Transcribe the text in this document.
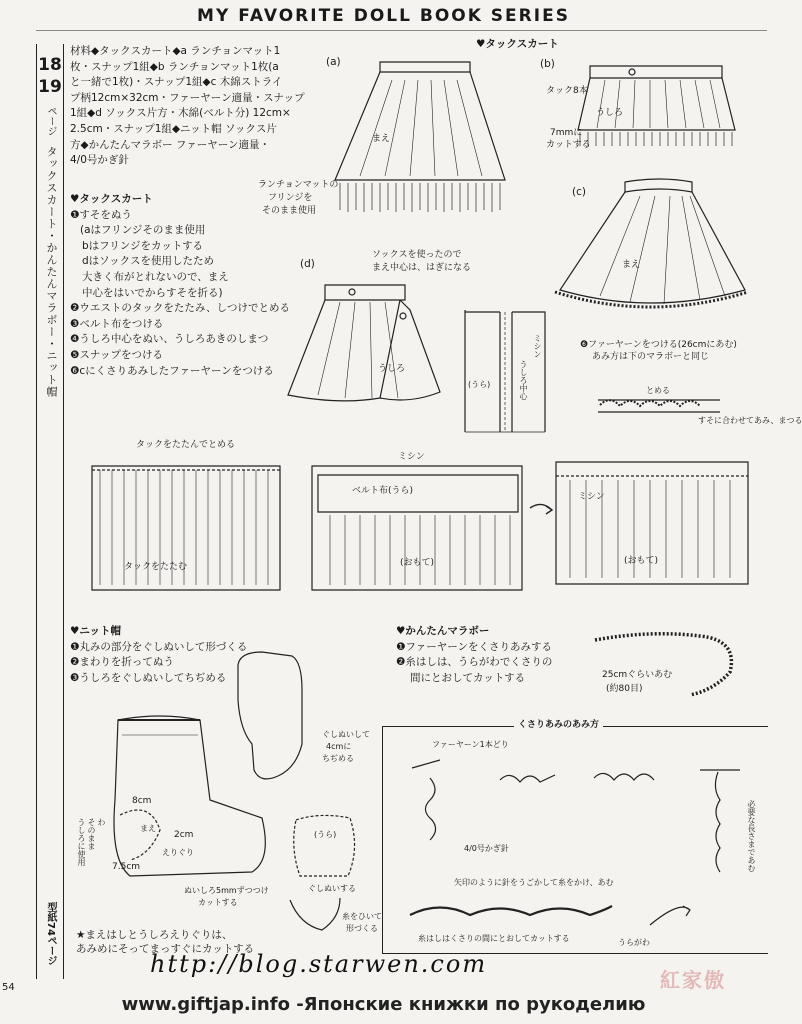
MY FAVORITE DOLL BOOK SERIES
18 19
ページ
タックスカート・かんたんマラボー・ニット帽
型紙74ページ
材料◆タックスカート◆a ランチョンマット1
枚・スナップ1組◆b ランチョンマット1枚(a
と一緒で1枚)・スナップ1組◆c 木綿ストライ
プ柄12cm×32cm・ファーヤーン適量・スナップ
1組◆d ソックス片方・木綿(ベルト分) 12cm×
2.5cm・スナップ1組◆ニット帽 ソックス片
方◆かんたんマラボー ファーヤーン適量・
4/0号かぎ針
♥タックスカート
❶すそをぬう
(aはフリンジそのまま使用
bはフリンジをカットする
dはソックスを使用したため
大きく布がとれないので、まえ
中心をはいでからすそを折る)
❷ウエストのタックをたたみ、しつけでとめる
❸ベルト布をつける
❹うしろ中心をぬい、うしろあきのしまつ
❺スナップをつける
❻cにくさりあみしたファーヤーンをつける
(a)	(b)
(c)
(d)
♥タックスカート
まえ
うしろ
まえ
うしろ
タック8本
7mmに
カットする
ランチョンマットの
フリンジを
そのまま使用
ソックスを使ったので
まえ中心は、はぎになる
❻ファーヤーンをつける(26cmにあむ)
あみ方は下のマラボーと同じ
とめる
すそに合わせてあみ、まつる
うしろ中心
ミシン
(うら)
タックをたたんでとめる
タックをたたむ
ベルト布(うら)
ミシン
ミシン
(おもて)	(おもて)
♥ニット帽
❶丸みの部分をぐしぬいして形づくる
❷まわりを折ってぬう
❸うしろをぐしぬいしてちぢめる
8cm
2cm
7.5cm
まえ
えりぐり
わ
そのまま
うしろに使用
ぬいしろ5mmずつつけ
カットする
ぐしぬいして
4cmに
ちぢめる
(うら)
ぐしぬいする
糸をひいて
形づくる
★まえはしとうしろえりぐりは、
あみめにそってまっすぐにカットする
♥かんたんマラボー
❶ファーヤーンをくさりあみする
❷糸はしは、うらがわでくさりの
間にとおしてカットする	25cmぐらいあむ
(約80目)
くさりあみのあみ方
ファーヤーン1本どり
4/0号かぎ針
矢印のように針をうごかして糸をかけ、あむ
糸はしはくさりの間にとおしてカットする	うらがわ
必要な長さまであむ
http://blog.starwen.com
紅家傲
54
www.giftjap.info -Японские книжки по рукоделию
